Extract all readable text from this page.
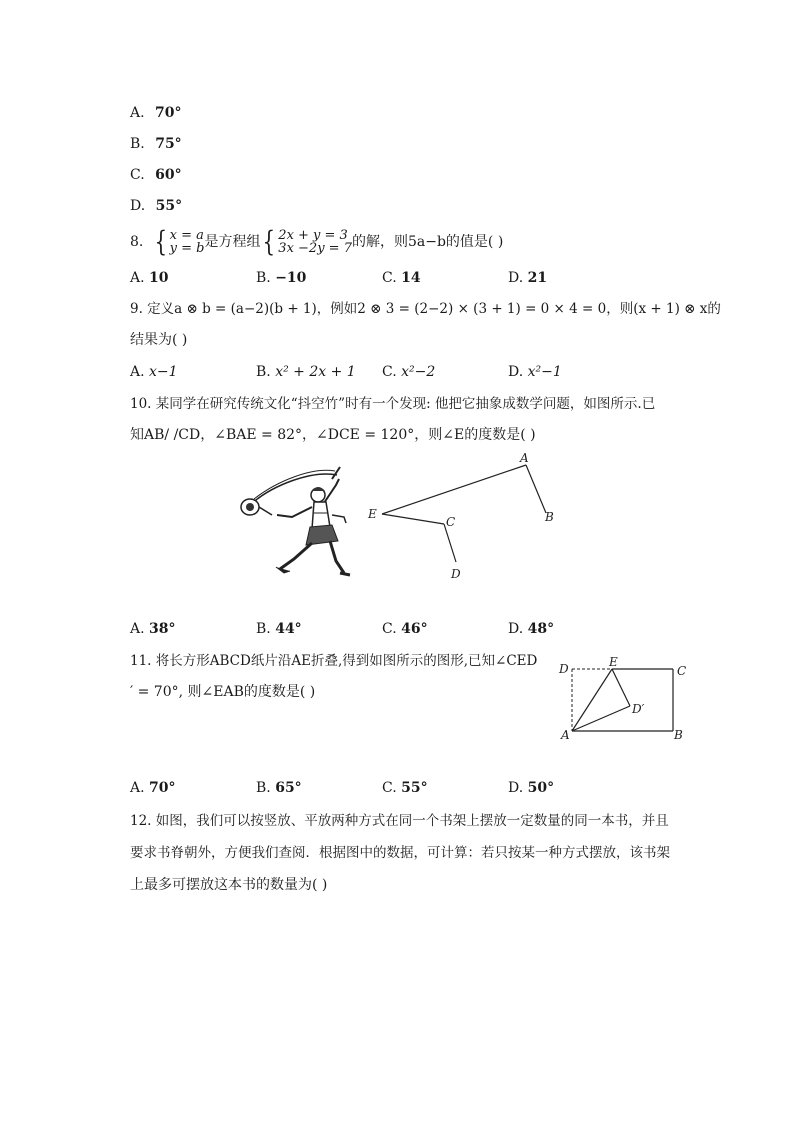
A. 70°
B. 75°
C. 60°
D. 55°
8. { x = a
y = b是方程组{ 2x + y = 3
3x −2y = 7的解，则5a−b的值是( )
A. 10	B. −10	C. 14	D. 21
9. 定义a ⊗ b = (a−2)(b + 1)，例如2 ⊗ 3 = (2−2) × (3 + 1) = 0 × 4 = 0，则(x + 1) ⊗ x的
结果为( )
A. x−1	B. x² + 2x + 1 C. x²−2	D. x²−1
10. 某同学在研究传统文化“抖空竹”时有一个发现: 他把它抽象成数学问题，如图所示.已
知AB/ /CD，∠BAE = 82°，∠DCE = 120°，则∠E的度数是( )
A
B
C
D
E
A. 38°	B. 44°	C. 46°	D. 48°
11. 将长方形ABCD纸片沿AE折叠,得到如图所示的图形,已知∠CED
′ = 70°, 则∠EAB的度数是( )
D	E
C
D′
A	B
A. 70°	B. 65°	C. 55°	D. 50°
12. 如图，我们可以按竖放、平放两种方式在同一个书架上摆放一定数量的同一本书，并且
要求书脊朝外，方便我们查阅．根据图中的数据，可计算：若只按某一种方式摆放，该书架
上最多可摆放这本书的数量为( )
